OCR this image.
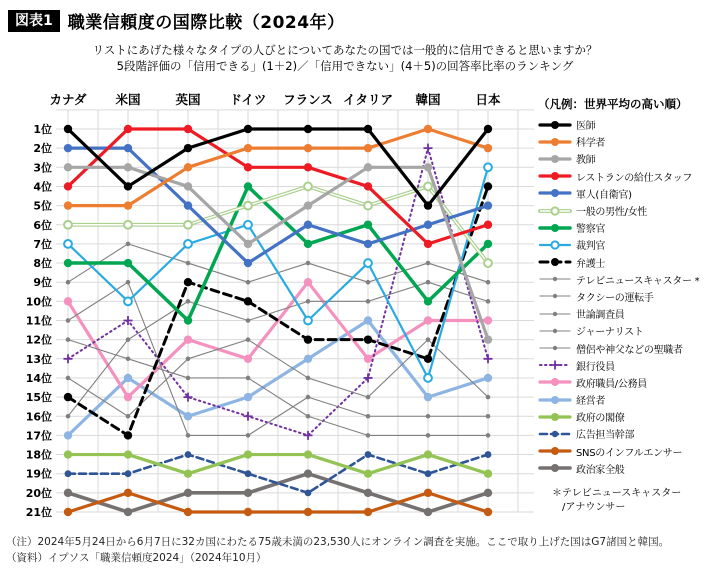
図表1 職業信頼度の国際比較（2024年）
リストにあげた様々なタイプの人びとについてあなたの国では一般的に信用できると思いますか？
5段階評価の「信用できる」(1＋2)／「信用できない」(4＋5)の回答率比率のランキング
カナダ 米国	英国 ドイツ フランス イタリア 韓国	日本
1位
2位
3位
4位
5位
6位
7位
8位
9位
10位
11位
12位
13位
14位
15位
16位
17位
18位
19位
20位
21位
（凡例：世界平均の高い順）
医師
科学者
教師
レストランの給仕スタッフ
軍人(自衛官)
一般の男性/女性
警察官
裁判官
弁護士
テレビニュースキャスター *
タクシーの運転手
世論調査員
ジャーナリスト
僧侶や神父などの聖職者
銀行役員
政府職員/公務員
経営者
政府の閣僚
広告担当幹部
SNSのインフルエンサー
政治家全般
＊テレビニュースキャスター
　/アナウンサー
（注）2024年5月24日から6月7日に32カ国にわたる75歳未満の23,530人にオンライン調査を実施。ここで取り上げた国はG7諸国と韓国。
（資料）イプソス「職業信頼度2024」（2024年10月）
